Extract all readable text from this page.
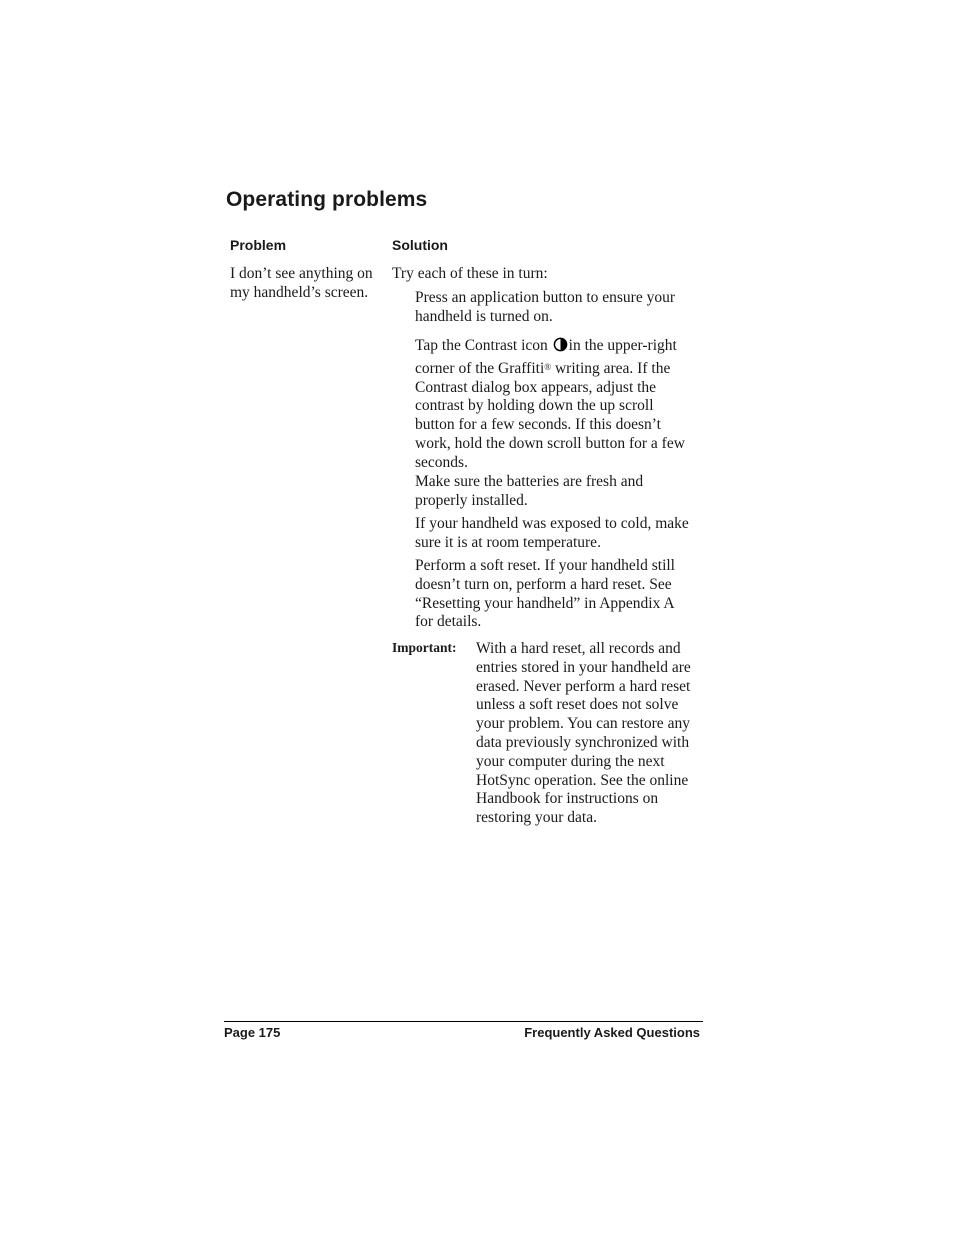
Operating problems
Problem	Solution
I don’t see anything on my handheld’s screen.
Try each of these in turn:
Press an application button to ensure your handheld is turned on.
Tap the Contrast icon in the upper-right corner of the Graffiti® writing area. If the Contrast dialog box appears, adjust the contrast by holding down the up scroll button for a few seconds. If this doesn’t work, hold the down scroll button for a few seconds.
Make sure the batteries are fresh and properly installed.
If your handheld was exposed to cold, make sure it is at room temperature.
Perform a soft reset. If your handheld still doesn’t turn on, perform a hard reset. See “Resetting your handheld” in Appendix A for details.
Important: With a hard reset, all records and entries stored in your handheld are erased. Never perform a hard reset unless a soft reset does not solve your problem. You can restore any data previously synchronized with your computer during the next HotSync operation. See the online Handbook for instructions on restoring your data.
Page 175	Frequently Asked Questions
